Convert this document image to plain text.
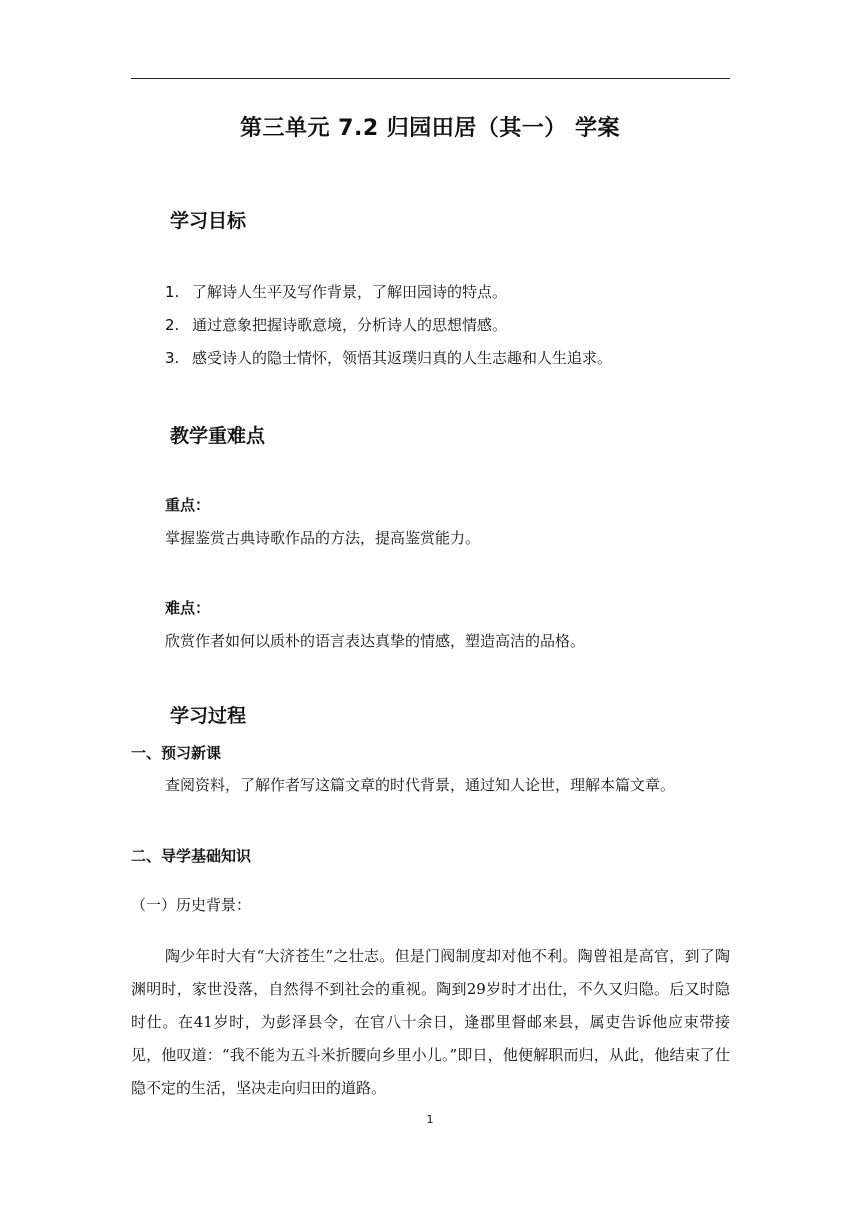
第三单元 7.2 归园田居（其一） 学案
学习目标
1. 了解诗人生平及写作背景，了解田园诗的特点。
2. 通过意象把握诗歌意境，分析诗人的思想情感。
3. 感受诗人的隐士情怀，领悟其返璞归真的人生志趣和人生追求。
教学重难点
重点：
掌握鉴赏古典诗歌作品的方法，提高鉴赏能力。
难点：
欣赏作者如何以质朴的语言表达真挚的情感，塑造高洁的品格。
学习过程
一、预习新课
查阅资料，了解作者写这篇文章的时代背景，通过知人论世，理解本篇文章。
二、导学基础知识
（一）历史背景：
陶少年时大有“大济苍生”之壮志。但是门阀制度却对他不利。陶曾祖是高官，到了陶渊明时，家世没落，自然得不到社会的重视。陶到29岁时才出仕，不久又归隐。后又时隐时仕。在41岁时，为彭泽县令，在官八十余日，逢郡里督邮来县，属吏告诉他应束带接见，他叹道：“我不能为五斗米折腰向乡里小儿。”即日，他便解职而归，从此，他结束了仕隐不定的生活，坚决走向归田的道路。
1
